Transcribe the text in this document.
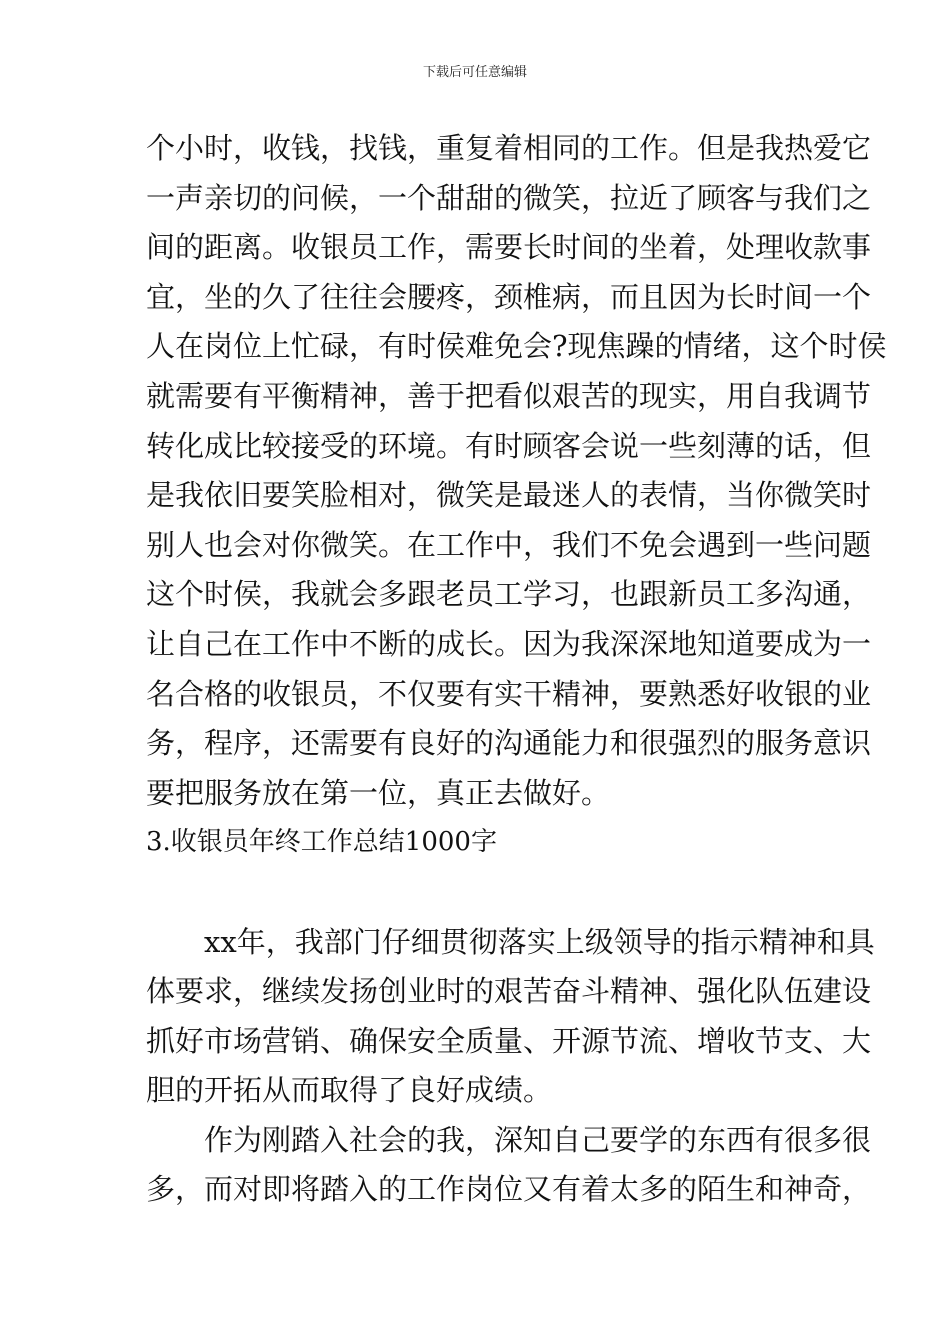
下载后可任意编辑
个小时，收钱，找钱，重复着相同的工作。但是我热爱它
一声亲切的问候，一个甜甜的微笑，拉近了顾客与我们之
间的距离。收银员工作，需要长时间的坐着，处理收款事
宜，坐的久了往往会腰疼，颈椎病，而且因为长时间一个
人在岗位上忙碌，有时侯难免会?现焦躁的情绪，这个时侯
就需要有平衡精神，善于把看似艰苦的现实，用自我调节
转化成比较接受的环境。有时顾客会说一些刻薄的话，但
是我依旧要笑脸相对，微笑是最迷人的表情，当你微笑时
别人也会对你微笑。在工作中，我们不免会遇到一些问题
这个时侯，我就会多跟老员工学习，也跟新员工多沟通，
让自己在工作中不断的成长。因为我深深地知道要成为一
名合格的收银员，不仅要有实干精神，要熟悉好收银的业
务，程序，还需要有良好的沟通能力和很强烈的服务意识
要把服务放在第一位，真正去做好。
3.收银员年终工作总结1000字
xx年，我部门仔细贯彻落实上级领导的指示精神和具
体要求，继续发扬创业时的艰苦奋斗精神、强化队伍建设
抓好市场营销、确保安全质量、开源节流、增收节支、大
胆的开拓从而取得了良好成绩。
作为刚踏入社会的我，深知自己要学的东西有很多很
多，而对即将踏入的工作岗位又有着太多的陌生和神奇，
